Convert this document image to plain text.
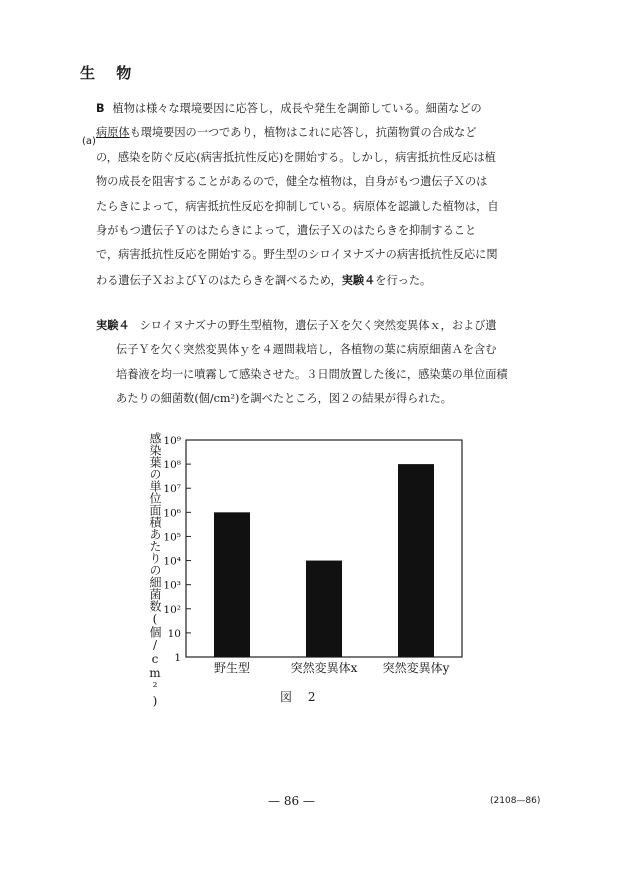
生 物
B 植物は様々な環境要因に応答し，成長や発生を調節している。細菌などの
(a)
病原体も環境要因の一つであり，植物はこれに応答し，抗菌物質の合成など
の，感染を防ぐ反応(病害抵抗性反応)を開始する。しかし，病害抵抗性反応は植
物の成長を阻害することがあるので，健全な植物は，自身がもつ遺伝子Ｘのは
たらきによって，病害抵抗性反応を抑制している。病原体を認識した植物は，自
身がもつ遺伝子Ｙのはたらきによって，遺伝子Ｘのはたらきを抑制すること
で，病害抵抗性反応を開始する。野生型のシロイヌナズナの病害抵抗性反応に関
わる遺伝子ＸおよびＹのはたらきを調べるため，実験４を行った。
実験４ シロイヌナズナの野生型植物，遺伝子Ｘを欠く突然変異体ｘ，および遺
伝子Ｙを欠く突然変異体ｙを４週間栽培し，各植物の葉に病原細菌Ａを含む
培養液を均一に噴霧して感染させた。３日間放置した後に，感染葉の単位面積
あたりの細菌数(個/cm²)を調べたところ，図２の結果が得られた。
感染葉の単位面積あたりの細菌数(個/cm²) 1
10
10²
10³
10⁴
10⁵
10⁶
10⁷
10⁸
10⁹
野生型	突然変異体x 突然変異体y
図 2
— 86 —	(2108—86)
